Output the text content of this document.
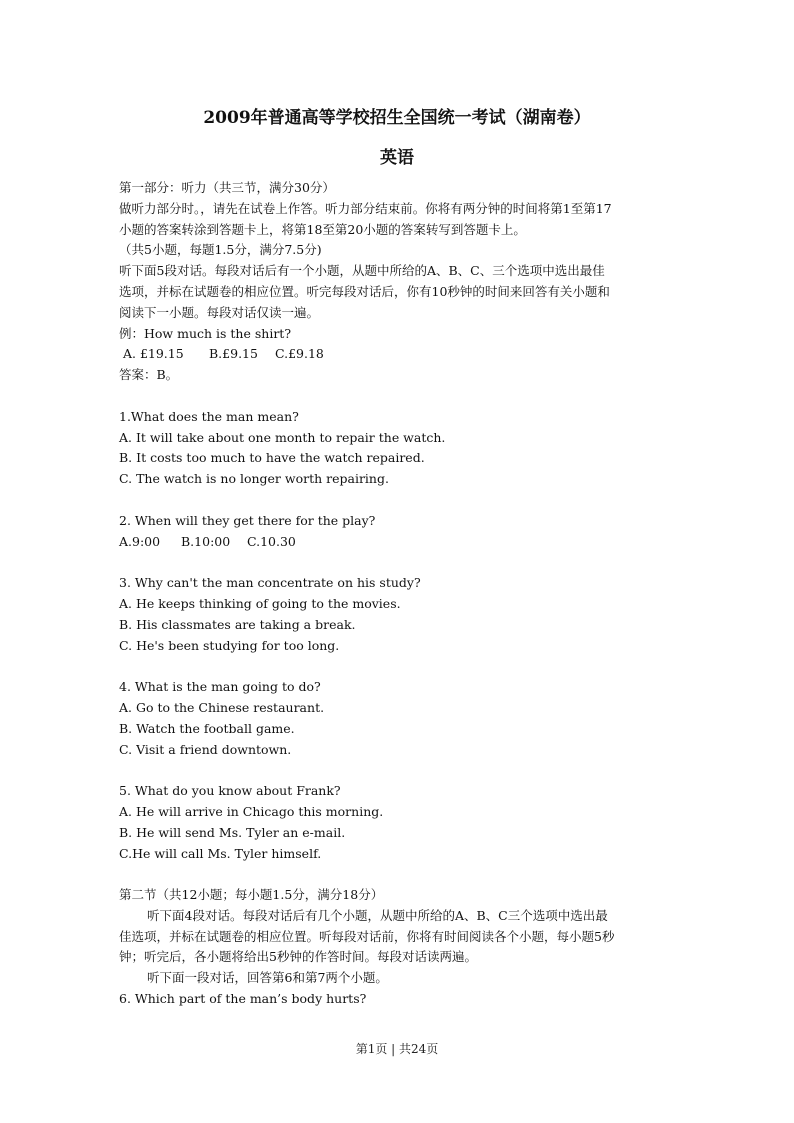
2009年普通高等学校招生全国统一考试（湖南卷）
英语
第一部分：听力（共三节，满分30分）
做听力部分时。，请先在试卷上作答。听力部分结束前。你将有两分钟的时间将第1至第17
小题的答案转涂到答题卡上，将第18至第20小题的答案转写到答题卡上。
（共5小题，每题1.5分，满分7.5分)
听下面5段对话。每段对话后有一个小题，从题中所给的A、B、C、三个选项中选出最佳
选项，并标在试题卷的相应位置。听完每段对话后，你有10秒钟的时间来回答有关小题和
阅读下一小题。每段对话仅读一遍。
例：How much is the shirt?
A. £19.15 B.£9.15 C.£9.18
答案：B。
1.What does the man mean?
A. It will take about one month to repair the watch.
B. It costs too much to have the watch repaired.
C. The watch is no longer worth repairing.
2. When will they get there for the play?
A.9:00 B.10:00 C.10.30
3. Why can't the man concentrate on his study?
A. He keeps thinking of going to the movies.
B. His classmates are taking a break.
C. He's been studying for too long.
4. What is the man going to do?
A. Go to the Chinese restaurant.
B. Watch the football game.
C. Visit a friend downtown.
5. What do you know about Frank?
A. He will arrive in Chicago this morning.
B. He will send Ms. Tyler an e-mail.
C.He will call Ms. Tyler himself.
第二节（共12小题；每小题1.5分，满分18分）
听下面4段对话。每段对话后有几个小题，从题中所给的A、B、C三个选项中选出最
佳选项，并标在试题卷的相应位置。听每段对话前，你将有时间阅读各个小题，每小题5秒
钟；听完后，各小题将给出5秒钟的作答时间。每段对话读两遍。
听下面一段对话，回答第6和第7两个小题。
6. Which part of the man’s body hurts?
第1页 | 共24页
